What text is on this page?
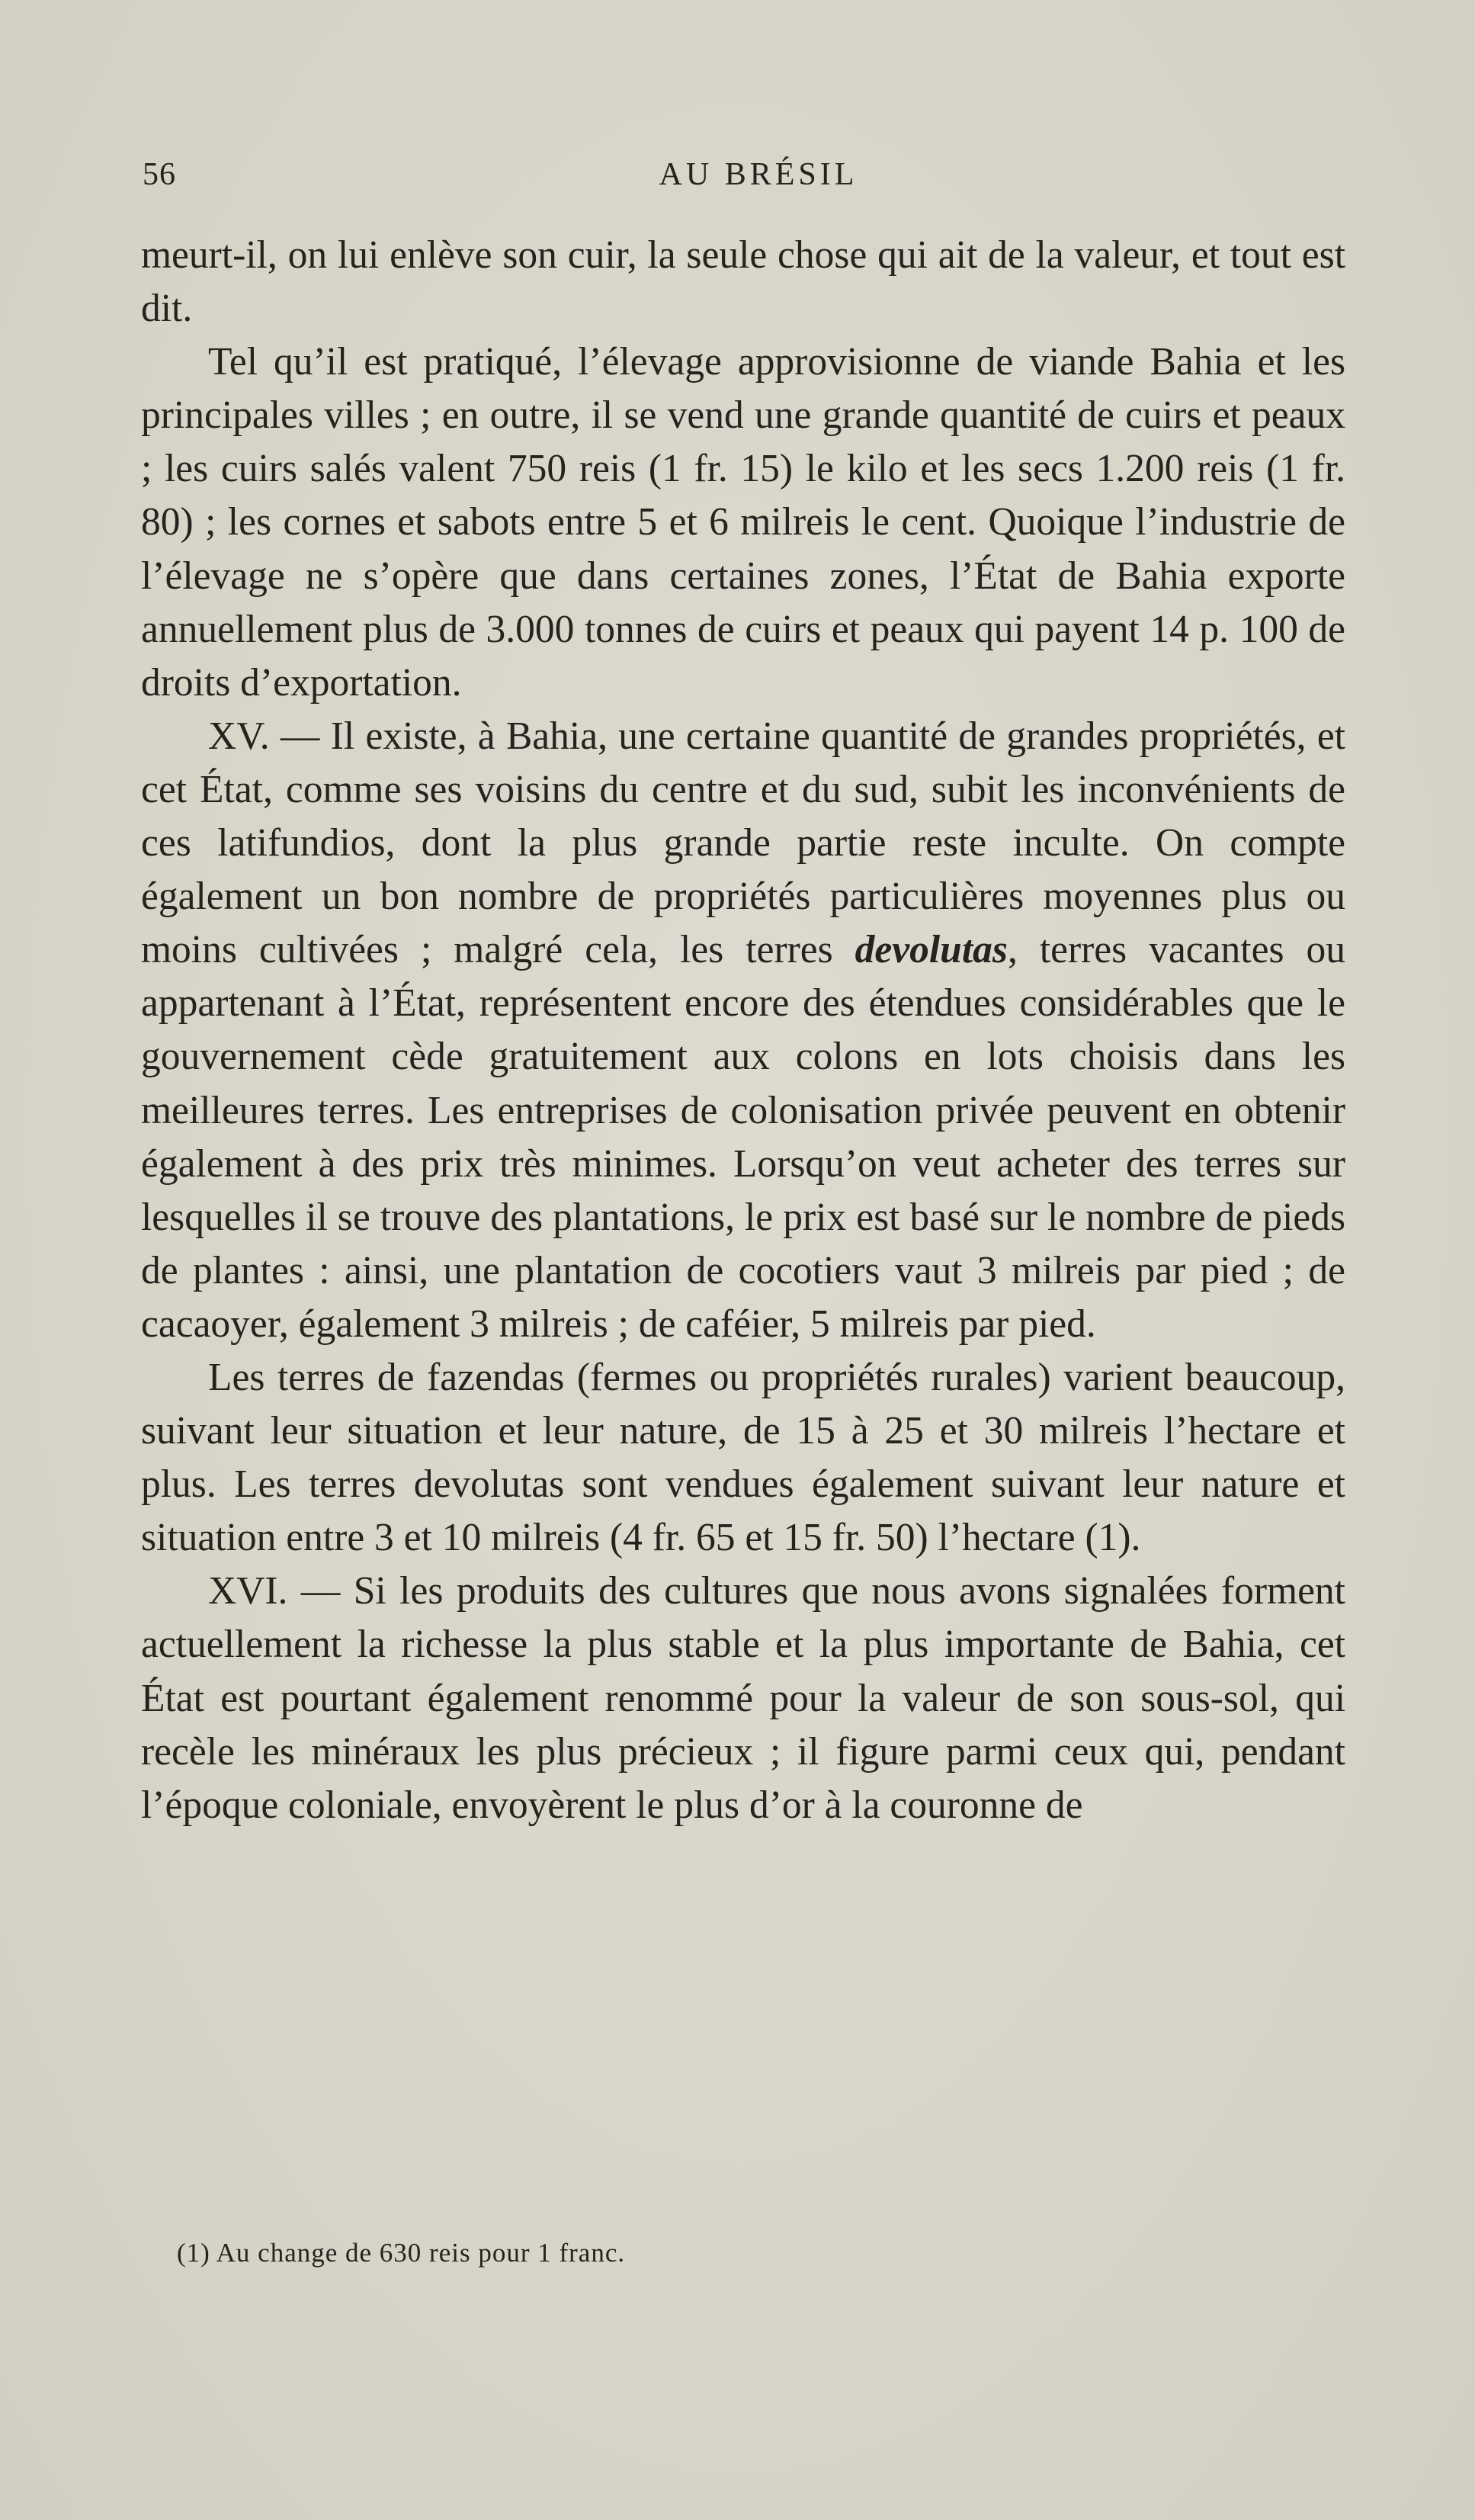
56	AU BRÉSIL

meurt-il, on lui enlève son cuir, la seule chose qui ait de la valeur, et tout est dit.

Tel qu’il est pratiqué, l’élevage approvisionne de viande Bahia et les principales villes ; en outre, il se vend une grande quantité de cuirs et peaux ; les cuirs salés valent 750 reis (1 fr. 15) le kilo et les secs 1.200 reis (1 fr. 80) ; les cornes et sabots entre 5 et 6 milreis le cent. Quoique l’industrie de l’élevage ne s’opère que dans certaines zones, l’État de Bahia exporte annuellement plus de 3.000 tonnes de cuirs et peaux qui payent 14 p. 100 de droits d’exportation.

XV. — Il existe, à Bahia, une certaine quantité de grandes propriétés, et cet État, comme ses voisins du centre et du sud, subit les inconvénients de ces latifundios, dont la plus grande partie reste inculte. On compte également un bon nombre de propriétés particulières moyennes plus ou moins cultivées ; malgré cela, les terres devolutas, terres vacantes ou appartenant à l’État, représentent encore des étendues considérables que le gouvernement cède gratuitement aux colons en lots choisis dans les meilleures terres. Les entreprises de colonisation privée peuvent en obtenir également à des prix très minimes. Lorsqu’on veut acheter des terres sur lesquelles il se trouve des plantations, le prix est basé sur le nombre de pieds de plantes : ainsi, une plantation de cocotiers vaut 3 milreis par pied ; de cacaoyer, également 3 milreis ; de caféier, 5 milreis par pied.

Les terres de fazendas (fermes ou propriétés rurales) varient beaucoup, suivant leur situation et leur nature, de 15 à 25 et 30 milreis l’hectare et plus. Les terres devolutas sont vendues également suivant leur nature et situation entre 3 et 10 milreis (4 fr. 65 et 15 fr. 50) l’hectare (1).

XVI. — Si les produits des cultures que nous avons signalées forment actuellement la richesse la plus stable et la plus importante de Bahia, cet État est pourtant également renommé pour la valeur de son sous-sol, qui recèle les minéraux les plus précieux ; il figure parmi ceux qui, pendant l’époque coloniale, envoyèrent le plus d’or à la couronne de

(1) Au change de 630 reis pour 1 franc.
